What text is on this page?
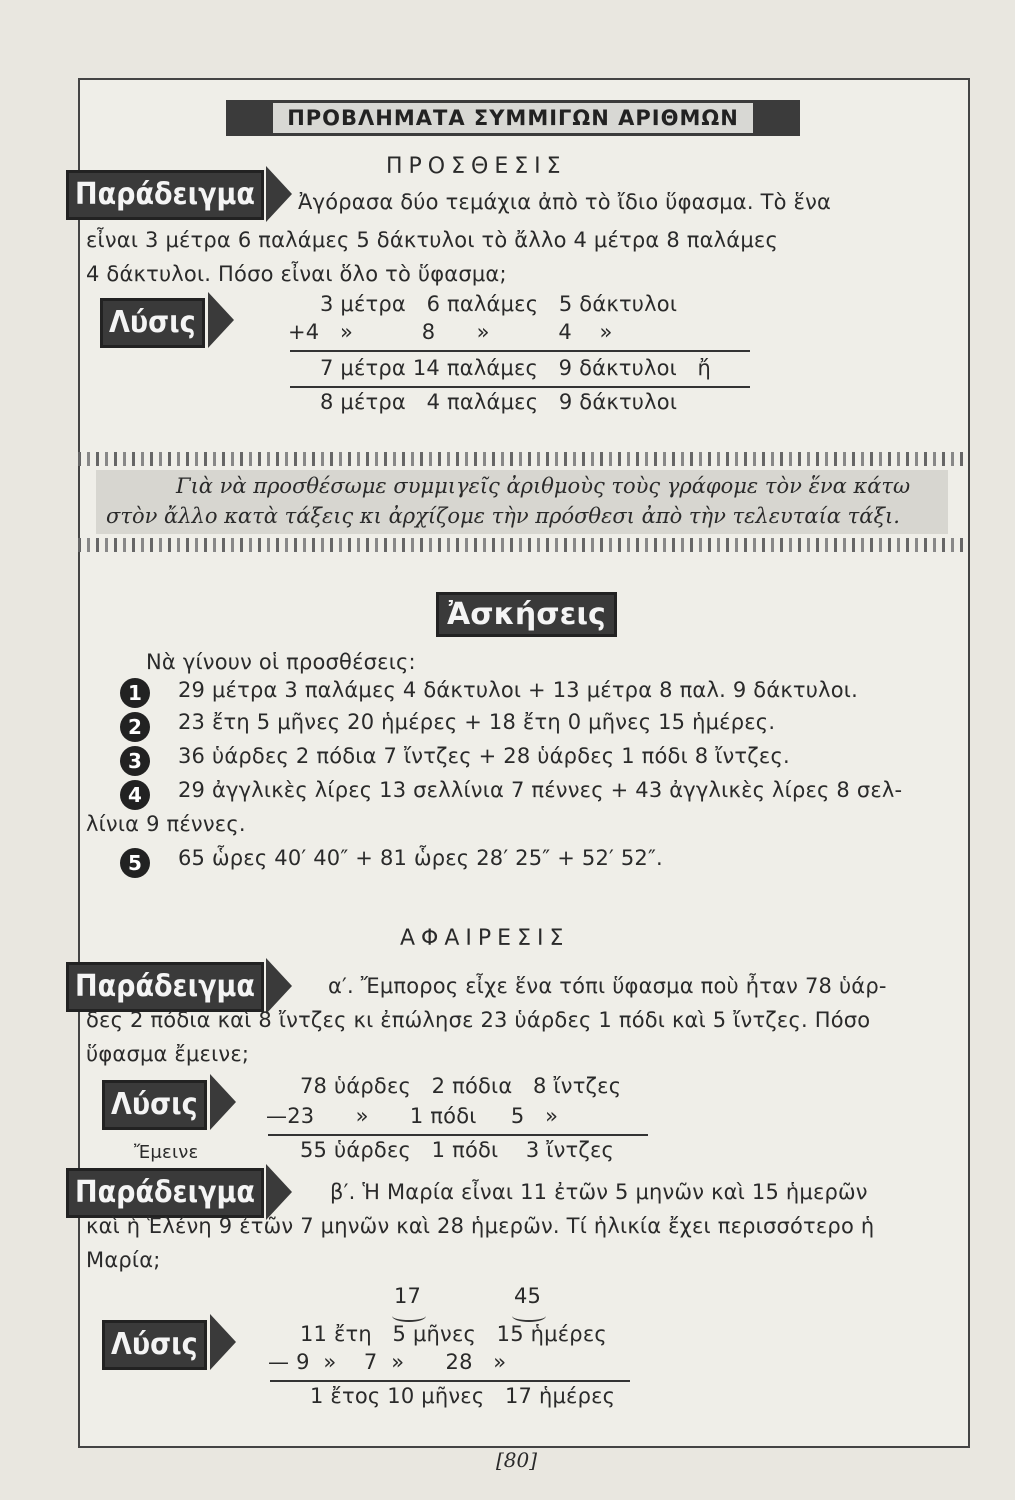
ΠΡΟΒΛΗΜΑΤΑ ΣΥΜΜΙΓΩΝ ΑΡΙΘΜΩΝ
ΠΡΟΣΘΕΣΙΣ
Παράδειγμα	Ἀγόρασα δύο τεμάχια ἀπὸ τὸ ἴδιο ὕφασμα. Τὸ ἕνα
εἶναι 3 μέτρα 6 παλάμες 5 δάκτυλοι τὸ ἄλλο 4 μέτρα 8 παλάμες
4 δάκτυλοι. Πόσο εἶναι ὅλο τὸ ὕφασμα;
Λύσις
3 μέτρα   6 παλάμες   5 δάκτυλοι
+4   »          8      »          4    »
7 μέτρα 14 παλάμες   9 δάκτυλοι   ἤ
8 μέτρα   4 παλάμες   9 δάκτυλοι
Γιὰ νὰ προσθέσωμε συμμιγεῖς ἀριθμοὺς τοὺς γράφομε τὸν ἕνα κάτω
στὸν ἄλλο κατὰ τάξεις κι ἀρχίζομε τὴν πρόσθεσι ἀπὸ τὴν τελευταία τάξι.
Ἀσκήσεις
Νὰ γίνουν οἱ προσθέσεις:
1	29 μέτρα 3 παλάμες 4 δάκτυλοι + 13 μέτρα 8 παλ. 9 δάκτυλοι.
2	23 ἔτη 5 μῆνες 20 ἡμέρες + 18 ἔτη 0 μῆνες 15 ἡμέρες.
3	36 ὑάρδες 2 πόδια 7 ἴντζες + 28 ὑάρδες 1 πόδι 8 ἴντζες.
4	29 ἀγγλικὲς λίρες 13 σελλίνια 7 πέννες + 43 ἀγγλικὲς λίρες 8 σελ-
λίνια 9 πέννες.
5	65 ὧρες 40′ 40″ + 81 ὧρες 28′ 25″ + 52′ 52″.
ΑΦΑΙΡΕΣΙΣ
Παράδειγμα	α′. Ἔμπορος εἶχε ἕνα τόπι ὕφασμα ποὺ ἦταν 78 ὑάρ-
δες 2 πόδια καὶ 8 ἴντζες κι ἐπώλησε 23 ὑάρδες 1 πόδι καὶ 5 ἴντζες. Πόσο
ὕφασμα ἔμεινε;
Λύσις
78 ὑάρδες   2 πόδια   8 ἴντζες
—23      »      1 πόδι     5   »
Ἔμεινε	55 ὑάρδες   1 πόδι    3 ἴντζες
Παράδειγμα	β′. Ἡ Μαρία εἶναι 11 ἐτῶν 5 μηνῶν καὶ 15 ἡμερῶν
καὶ ἡ Ἑλένη 9 ἐτῶν 7 μηνῶν καὶ 28 ἡμερῶν. Τί ἡλικία ἔχει περισσότερο ἡ
Μαρία;
17	45
Λύσις	11 ἔτη   5 μῆνες   15 ἡμέρες
— 9  »    7  »      28   »
1 ἔτος 10 μῆνες   17 ἡμέρες
[80]
